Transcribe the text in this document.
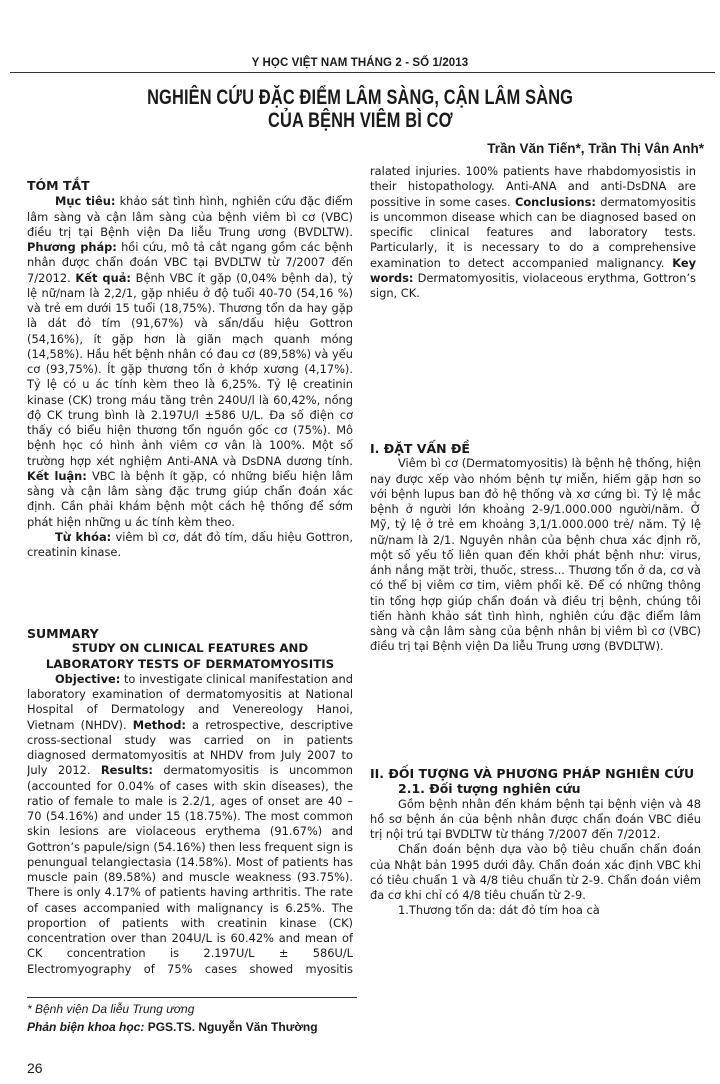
Y HỌC VIỆT NAM THÁNG 2 - SỐ 1/2013
NGHIÊN CỨU ĐẶC ĐIỂM LÂM SÀNG, CẬN LÂM SÀNG
CỦA BỆNH VIÊM BÌ CƠ
Trần Văn Tiến*, Trần Thị Vân Anh*

TÓM TẮT

Mục tiêu: khảo sát tình hình, nghiên cứu đặc điểm lâm sàng và cận lâm sàng của bệnh viêm bì cơ (VBC) điều trị tại Bệnh viện Da liễu Trung ương (BVDLTW). Phương pháp: hồi cứu, mô tả cắt ngang gồm các bệnh nhân được chẩn đoán VBC tại BVDLTW từ 7/2007 đến 7/2012. Kết quả: Bệnh VBC ít gặp (0,04% bệnh da), tỷ lệ nữ/nam là 2,2/1, gặp nhiều ở độ tuổi 40-70 (54,16 %) và trẻ em dưới 15 tuổi (18,75%). Thương tổn da hay gặp là dát đỏ tím (91,67%) và sẩn/dấu hiệu Gottron (54,16%), ít gặp hơn là giãn mạch quanh móng (14,58%). Hầu hết bệnh nhân có đau cơ (89,58%) và yếu cơ (93,75%). Ít gặp thương tổn ở khớp xương (4,17%). Tỷ lệ có u ác tính kèm theo là 6,25%. Tỷ lệ creatinin kinase (CK) trong máu tăng trên 240U/l là 60,42%, nồng độ CK trung bình là 2.197U/l ±586 U/L. Đa số điện cơ thấy có biểu hiện thương tổn nguồn gốc cơ (75%). Mô bệnh học có hình ảnh viêm cơ vân là 100%. Một số trường hợp xét nghiệm Anti-ANA và DsDNA dương tính. Kết luận: VBC là bệnh ít gặp, có những biểu hiện lâm sàng và cận lâm sàng đặc trưng giúp chẩn đoán xác định. Cần phải khám bệnh một cách hệ thống để sớm phát hiện những u ác tính kèm theo.

Từ khóa: viêm bì cơ, dát đỏ tím, dấu hiệu Gottron, creatinin kinase.

SUMMARY

STUDY ON CLINICAL FEATURES AND

LABORATORY TESTS OF DERMATOMYOSITIS

Objective: to investigate clinical manifestation and laboratory examination of dermatomyositis at National Hospital of Dermatology and Venereology Hanoi, Vietnam (NHDV). Method: a retrospective, descriptive cross-sectional study was carried on in patients diagnosed dermatomyositis at NHDV from July 2007 to July 2012. Results: dermatomyositis is uncommon (accounted for 0.04% of cases with skin diseases), the ratio of female to male is 2.2/1, ages of onset are 40 – 70 (54.16%) and under 15 (18.75%). The most common skin lesions are violaceous erythema (91.67%) and Gottron’s papule/sign (54.16%) then less frequent sign is penungual telangiectasia (14.58%). Most of patients has muscle pain (89.58%) and muscle weakness (93.75%). There is only 4.17% of patients having arthritis. The rate of cases accompanied with malignancy is 6.25%. The proportion of patients with creatinin kinase (CK) concentration over than 204U/L is 60.42% and mean of CK concentration is 2.197U/L ± 586U/L Electromyography of 75% cases showed myositis

ralated injuries. 100% patients have rhabdomyosistis in their histopathology. Anti-ANA and anti-DsDNA are possitive in some cases. Conclusions: dermatomyositis is uncommon disease which can be diagnosed based on specific clinical features and laboratory tests. Particularly, it is necessary to do a comprehensive examination to detect accompanied malignancy. Key words: Dermatomyositis, violaceous erythma, Gottron’s sign, CK.

I. ĐẶT VẤN ĐỀ

Viêm bì cơ (Dermatomyositis) là bệnh hệ thống, hiện nay được xếp vào nhóm bệnh tự miễn, hiếm gặp hơn so với bệnh lupus ban đỏ hệ thống và xơ cứng bì. Tỷ lệ mắc bệnh ở người lớn khoảng 2-9/1.000.000 người/năm. Ở Mỹ, tỷ lệ ở trẻ em khoảng 3,1/1.000.000 trẻ/ năm. Tỷ lệ nữ/nam là 2/1. Nguyên nhân của bệnh chưa xác định rõ, một số yếu tố liên quan đến khởi phát bệnh như: virus, ánh nắng mặt trời, thuốc, stress... Thương tổn ở da, cơ và có thể bị viêm cơ tim, viêm phổi kẽ. Để có những thông tin tổng hợp giúp chẩn đoán và điều trị bệnh, chúng tôi tiến hành khảo sát tình hình, nghiên cứu đặc điểm lâm sàng và cận lâm sàng của bệnh nhân bị viêm bì cơ (VBC) điều trị tại Bệnh viện Da liễu Trung ương (BVDLTW).

II. ĐỐI TƯỢNG VÀ PHƯƠNG PHÁP NGHIÊN CỨU

2.1. Đối tượng nghiên cứu

Gồm bệnh nhân đến khám bệnh tại bệnh viện và 48 hồ sơ bệnh án của bệnh nhân được chẩn đoán VBC điều trị nội trú tại BVDLTW từ tháng 7/2007 đến 7/2012.

Chẩn đoán bệnh dựa vào bộ tiêu chuẩn chẩn đoán của Nhật bản 1995 dưới đây. Chẩn đoán xác định VBC khi có tiêu chuẩn 1 và 4/8 tiêu chuẩn từ 2-9. Chẩn đoán viêm đa cơ khi chỉ có 4/8 tiêu chuẩn từ 2-9.

1.Thương tổn da: dát đỏ tím hoa cà

* Bệnh viện Da liễu Trung ương
Phản biện khoa học: PGS.TS. Nguyễn Văn Thường
26
